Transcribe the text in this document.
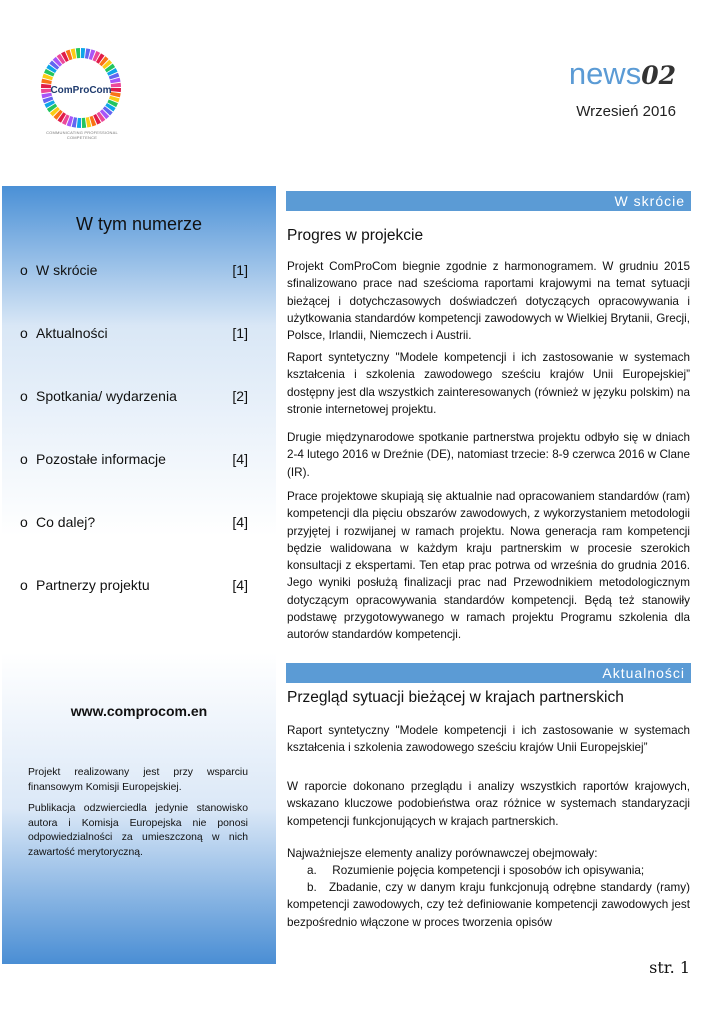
ComProCom
COMMUNICATING PROFESSIONAL COMPETENCE
news02
Wrzesień 2016
W tym numerze
o W skrócie	[1]
o Aktualności	[1]
o Spotkania/ wydarzenia	[2]
o Pozostałe informacje	[4]
o Co dalej?	[4]
o Partnerzy projektu	[4]
www.comprocom.en
Projekt realizowany jest przy wsparciu finansowym Komisji Europejskiej.
Publikacja odzwierciedla jedynie stanowisko autora i Komisja Europejska nie ponosi odpowiedzialności za umieszczoną w nich zawartość merytoryczną.
W skrócie
Progres w projekcie
Projekt ComProCom biegnie zgodnie z harmonogramem. W grudniu 2015 sfinalizowano prace nad sześcioma raportami krajowymi na temat sytuacji bieżącej i dotychczasowych doświadczeń dotyczących opracowywania i użytkowania standardów kompetencji zawodowych w Wielkiej Brytanii, Grecji, Polsce, Irlandii, Niemczech i Austrii.
Raport syntetyczny "Modele kompetencji i ich zastosowanie w systemach kształcenia i szkolenia zawodowego sześciu krajów Unii Europejskiej” dostępny jest dla wszystkich zainteresowanych (również w języku polskim) na stronie internetowej projektu.
Drugie międzynarodowe spotkanie partnerstwa projektu odbyło się w dniach 2-4 lutego 2016 w Dreźnie (DE), natomiast trzecie: 8-9 czerwca 2016 w Clane (IR).
Prace projektowe skupiają się aktualnie nad opracowaniem standardów (ram) kompetencji dla pięciu obszarów zawodowych, z wykorzystaniem metodologii przyjętej i rozwijanej w ramach projektu. Nowa generacja ram kompetencji będzie walidowana w każdym kraju partnerskim w procesie szerokich konsultacji z ekspertami. Ten etap prac potrwa od września do grudnia 2016. Jego wyniki posłużą finalizacji prac nad Przewodnikiem metodologicznym dotyczącym opracowywania standardów kompetencji. Będą też stanowiły podstawę przygotowywanego w ramach projektu Programu szkolenia dla autorów standardów kompetencji.
Aktualności
Przegląd sytuacji bieżącej w krajach partnerskich
Raport syntetyczny "Modele kompetencji i ich zastosowanie w systemach kształcenia i szkolenia zawodowego sześciu krajów Unii Europejskiej”
W raporcie dokonano przeglądu i analizy wszystkich raportów krajowych, wskazano kluczowe podobieństwa oraz różnice w systemach standaryzacji kompetencji funkcjonujących w krajach partnerskich.
Najważniejsze elementy analizy porównawczej obejmowały:
a. Rozumienie pojęcia kompetencji i sposobów ich opisywania;
b. Zbadanie, czy w danym kraju funkcjonują odrębne standardy (ramy) kompetencji zawodowych, czy też definiowanie kompetencji zawodowych jest bezpośrednio włączone w proces tworzenia opisów
str. 1
